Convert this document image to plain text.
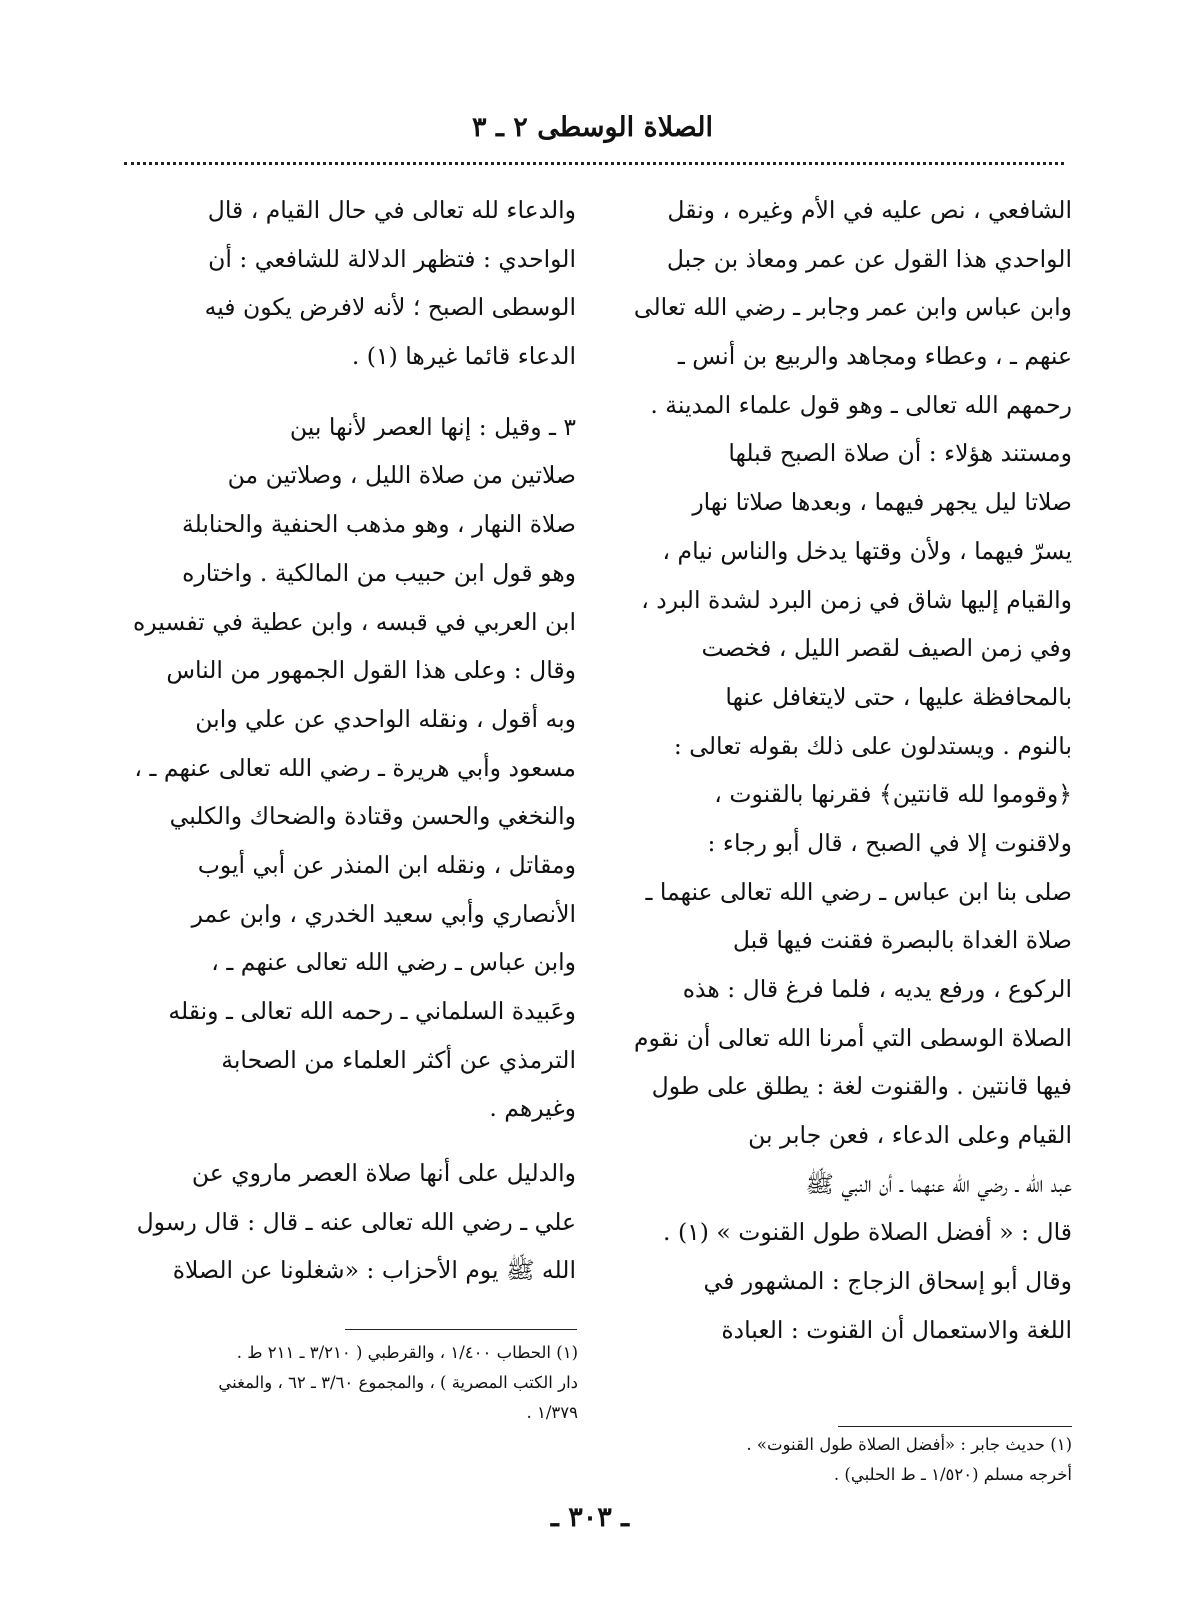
الصلاة الوسطى ٢ ـ ٣
الشافعي ، نص عليه في الأم وغيره ، ونقل
الواحدي هذا القول عن عمر ومعاذ بن جبل
وابن عباس وابن عمر وجابر ـ رضي الله تعالى
عنهم ـ ، وعطاء ومجاهد والربيع بن أنس ـ
رحمهم الله تعالى ـ وهو قول علماء المدينة .
ومستند هؤلاء : أن صلاة الصبح قبلها
صلاتا ليل يجهر فيهما ، وبعدها صلاتا نهار
يسرّ فيهما ، ولأن وقتها يدخل والناس نيام ،
والقيام إليها شاق في زمن البرد لشدة البرد ،
وفي زمن الصيف لقصر الليل ، فخصت
بالمحافظة عليها ، حتى لايتغافل عنها
بالنوم . ويستدلون على ذلك بقوله تعالى :
﴿وقوموا لله قانتين﴾ فقرنها بالقنوت ،
ولاقنوت إلا في الصبح ، قال أبو رجاء :
صلى بنا ابن عباس ـ رضي الله تعالى عنهما ـ
صلاة الغداة بالبصرة فقنت فيها قبل
الركوع ، ورفع يديه ، فلما فرغ قال : هذه
الصلاة الوسطى التي أمرنا الله تعالى أن نقوم
فيها قانتين . والقنوت لغة : يطلق على طول
القيام وعلى الدعاء ، فعن جابر بن
عبد الله ـ رضي الله عنهما ـ أن النبي ﷺ
قال : « أفضل الصلاة طول القنوت » (١) .
وقال أبو إسحاق الزجاج : المشهور في
اللغة والاستعمال أن القنوت : العبادة
والدعاء لله تعالى في حال القيام ، قال
الواحدي : فتظهر الدلالة للشافعي : أن
الوسطى الصبح ؛ لأنه لافرض يكون فيه
الدعاء قائما غيرها (١) .
٣ ـ وقيل : إنها العصر لأنها بين
صلاتين من صلاة الليل ، وصلاتين من
صلاة النهار ، وهو مذهب الحنفية والحنابلة
وهو قول ابن حبيب من المالكية . واختاره
ابن العربي في قبسه ، وابن عطية في تفسيره
وقال : وعلى هذا القول الجمهور من الناس
وبه أقول ، ونقله الواحدي عن علي وابن
مسعود وأبي هريرة ـ رضي الله تعالى عنهم ـ ،
والنخغي والحسن وقتادة والضحاك والكلبي
ومقاتل ، ونقله ابن المنذر عن أبي أيوب
الأنصاري وأبي سعيد الخدري ، وابن عمر
وابن عباس ـ رضي الله تعالى عنهم ـ ،
وعَبيدة السلماني ـ رحمه الله تعالى ـ ونقله
الترمذي عن أكثر العلماء من الصحابة
وغيرهم .
والدليل على أنها صلاة العصر ماروي عن
علي ـ رضي الله تعالى عنه ـ قال : قال رسول
الله ﷺ يوم الأحزاب : «شغلونا عن الصلاة
(١) الحطاب ١/٤٠٠ ، والقرطبي ( ٣/٢١٠ ـ ٢١١ ط .
دار الكتب المصرية ) ، والمجموع ٣/٦٠ ـ ٦٢ ، والمغني
١/٣٧٩ .
(١) حديث جابر : «أفضل الصلاة طول القنوت» .
أخرجه مسلم (١/٥٢٠ ـ ط الحلبي) .
ـ ٣٠٣ ـ
